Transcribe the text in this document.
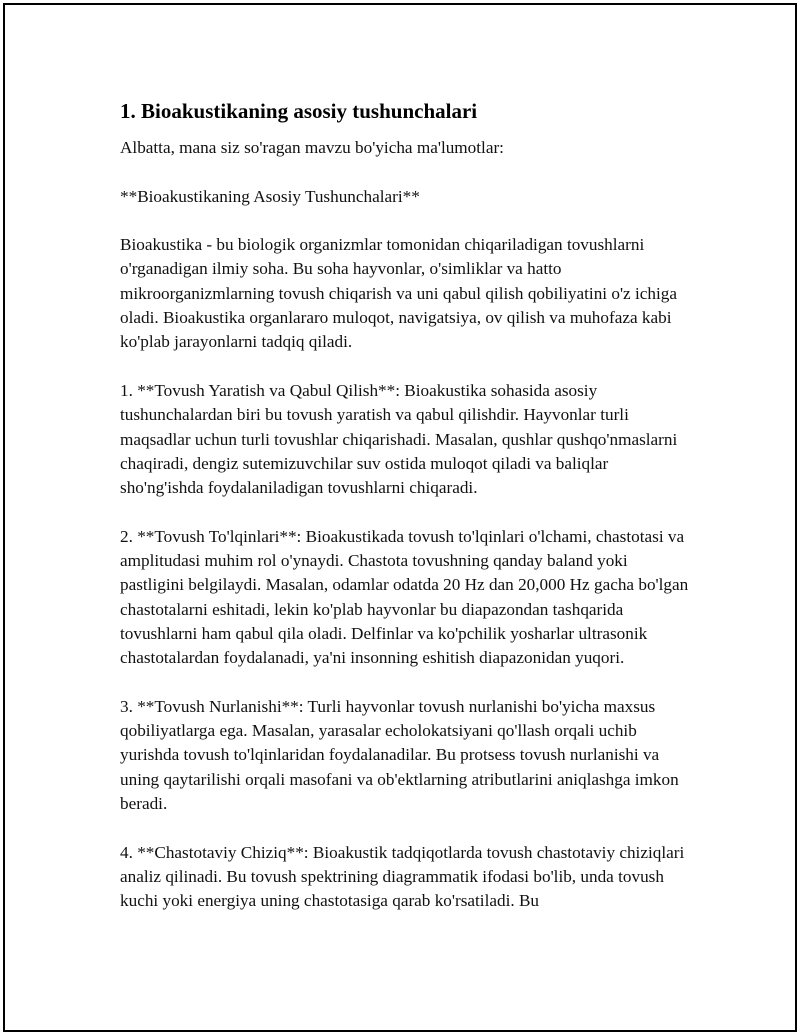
1. Bioakustikaning asosiy tushunchalari

Albatta, mana siz so'ragan mavzu bo'yicha ma'lumotlar:

**Bioakustikaning Asosiy Tushunchalari**

Bioakustika - bu biologik organizmlar tomonidan chiqariladigan tovushlarni o'rganadigan ilmiy soha. Bu soha hayvonlar, o'simliklar va hatto mikroorganizmlarning tovush chiqarish va uni qabul qilish qobiliyatini o'z ichiga oladi. Bioakustika organlararo muloqot, navigatsiya, ov qilish va muhofaza kabi ko'plab jarayonlarni tadqiq qiladi.

1. **Tovush Yaratish va Qabul Qilish**: Bioakustika sohasida asosiy tushunchalardan biri bu tovush yaratish va qabul qilishdir. Hayvonlar turli maqsadlar uchun turli tovushlar chiqarishadi. Masalan, qushlar qushqo'nmaslarni chaqiradi, dengiz sutemizuvchilar suv ostida muloqot qiladi va baliqlar sho'ng'ishda foydalaniladigan tovushlarni chiqaradi.

2. **Tovush To'lqinlari**: Bioakustikada tovush to'lqinlari o'lchami, chastotasi va amplitudasi muhim rol o'ynaydi. Chastota tovushning qanday baland yoki pastligini belgilaydi. Masalan, odamlar odatda 20 Hz dan 20,000 Hz gacha bo'lgan chastotalarni eshitadi, lekin ko'plab hayvonlar bu diapazondan tashqarida tovushlarni ham qabul qila oladi. Delfinlar va ko'pchilik yosharlar ultrasonik chastotalardan foydalanadi, ya'ni insonning eshitish diapazonidan yuqori.

3. **Tovush Nurlanishi**: Turli hayvonlar tovush nurlanishi bo'yicha maxsus qobiliyatlarga ega. Masalan, yarasalar echolokatsiyani qo'llash orqali uchib yurishda tovush to'lqinlaridan foydalanadilar. Bu protsess tovush nurlanishi va uning qaytarilishi orqali masofani va ob'ektlarning atributlarini aniqlashga imkon beradi.

4. **Chastotaviy Chiziq**: Bioakustik tadqiqotlarda tovush chastotaviy chiziqlari analiz qilinadi. Bu tovush spektrining diagrammatik ifodasi bo'lib, unda tovush kuchi yoki energiya uning chastotasiga qarab ko'rsatiladi. Bu
